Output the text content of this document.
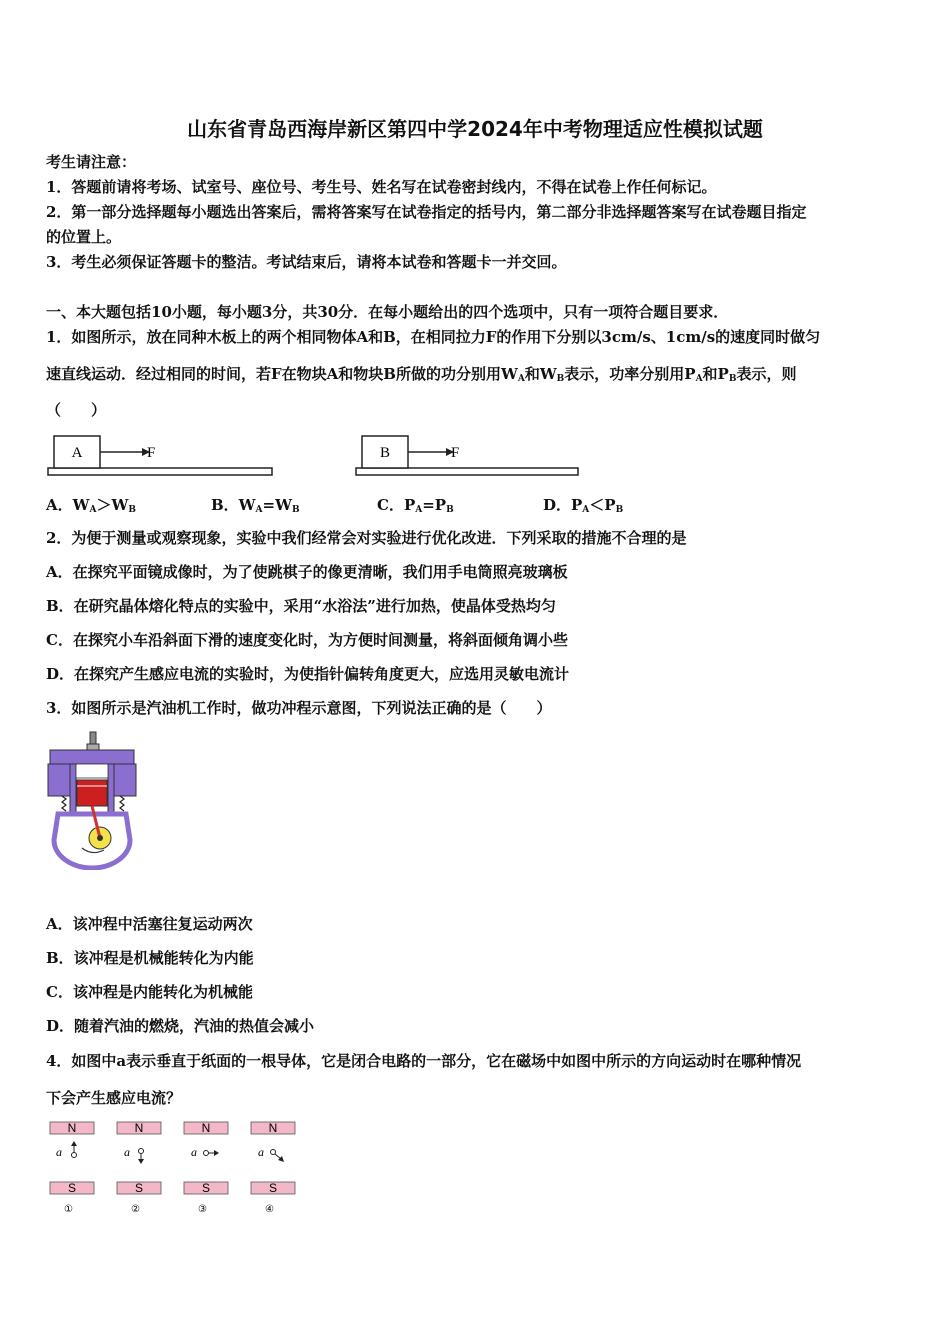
山东省青岛西海岸新区第四中学2024年中考物理适应性模拟试题
考生请注意：
1．答题前请将考场、试室号、座位号、考生号、姓名写在试卷密封线内，不得在试卷上作任何标记。
2．第一部分选择题每小题选出答案后，需将答案写在试卷指定的括号内，第二部分非选择题答案写在试卷题目指定
的位置上。
3．考生必须保证答题卡的整洁。考试结束后，请将本试卷和答题卡一并交回。
一、本大题包括10小题，每小题3分，共30分．在每小题给出的四个选项中，只有一项符合题目要求．
1．如图所示，放在同种木板上的两个相同物体A和B，在相同拉力F的作用下分别以3cm/s、1cm/s的速度同时做匀
速直线运动．经过相同的时间，若F在物块A和物块B所做的功分别用$W_A$和$W_B$表示，功率分别用$P_A$和$P_B$表示，则
（　　）
A	F	B	F
A．$W_A>W_B$	B．$W_A=W_B$	C．$P_A=P_B$	D．$P_A<P_B$
2．为便于测量或观察现象，实验中我们经常会对实验进行优化改进．下列采取的措施不合理的是
A．在探究平面镜成像时，为了使跳棋子的像更清晰，我们用手电筒照亮玻璃板
B．在研究晶体熔化特点的实验中，采用“水浴法”进行加热，使晶体受热均匀
C．在探究小车沿斜面下滑的速度变化时，为方便时间测量，将斜面倾角调小些
D．在探究产生感应电流的实验时，为使指针偏转角度更大，应选用灵敏电流计
3．如图所示是汽油机工作时，做功冲程示意图，下列说法正确的是（　　）
A．该冲程中活塞往复运动两次
B．该冲程是机械能转化为内能
C．该冲程是内能转化为机械能
D．随着汽油的燃烧，汽油的热值会减小
4．如图中a表示垂直于纸面的一根导体，它是闭合电路的一部分，它在磁场中如图中所示的方向运动时在哪种情况
下会产生感应电流？
N
a
S
①
N
a
S
②
N
a
S
③
N
a
S
④
